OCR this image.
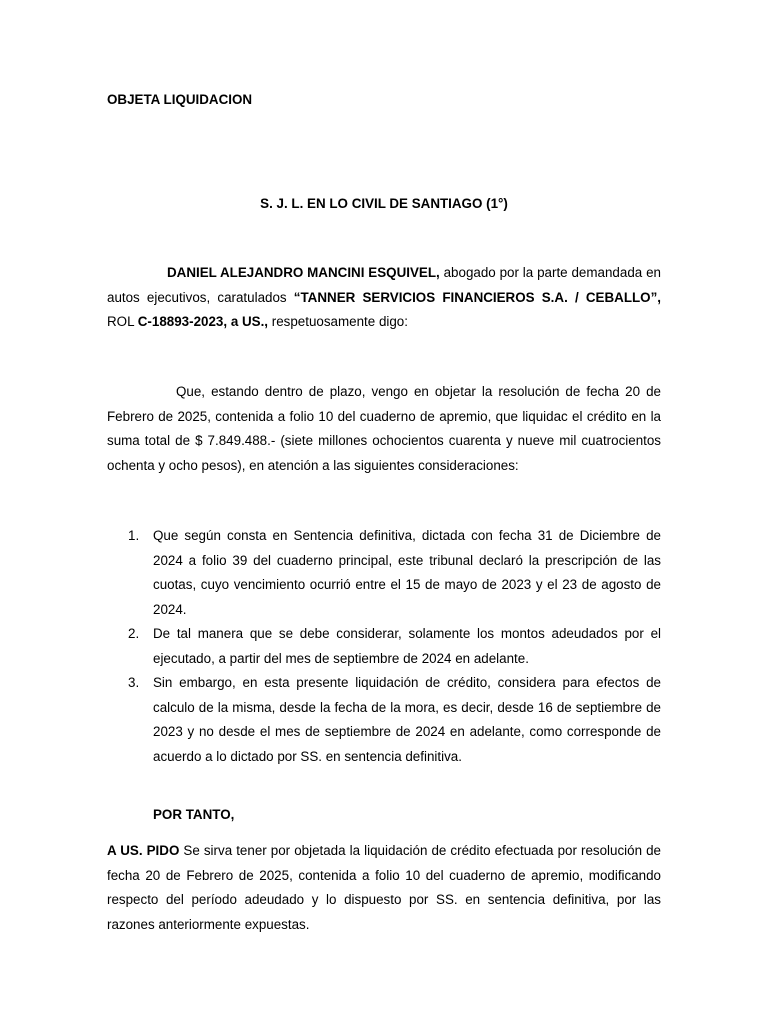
OBJETA LIQUIDACION

S. J. L. EN LO CIVIL DE SANTIAGO (1°)

DANIEL ALEJANDRO MANCINI ESQUIVEL, abogado por la parte demandada en autos ejecutivos, caratulados “TANNER SERVICIOS FINANCIEROS S.A. / CEBALLO”, ROL C-18893-2023, a US., respetuosamente digo:

Que, estando dentro de plazo, vengo en objetar la resolución de fecha 20 de Febrero de 2025, contenida a folio 10 del cuaderno de apremio, que liquidac el crédito en la suma total de $ 7.849.488.- (siete millones ochocientos cuarenta y nueve mil cuatrocientos ochenta y ocho pesos), en atención a las siguientes consideraciones:

1. Que según consta en Sentencia definitiva, dictada con fecha 31 de Diciembre de 2024 a folio 39 del cuaderno principal, este tribunal declaró la prescripción de las cuotas, cuyo vencimiento ocurrió entre el 15 de mayo de 2023 y el 23 de agosto de 2024.
2. De tal manera que se debe considerar, solamente los montos adeudados por el ejecutado, a partir del mes de septiembre de 2024 en adelante.
3. Sin embargo, en esta presente liquidación de crédito, considera para efectos de calculo de la misma, desde la fecha de la mora, es decir, desde 16 de septiembre de 2023 y no desde el mes de septiembre de 2024 en adelante, como corresponde de acuerdo a lo dictado por SS. en sentencia definitiva.

POR TANTO,

A US. PIDO Se sirva tener por objetada la liquidación de crédito efectuada por resolución de fecha 20 de Febrero de 2025, contenida a folio 10 del cuaderno de apremio, modificando respecto del período adeudado y lo dispuesto por SS. en sentencia definitiva, por las razones anteriormente expuestas.
